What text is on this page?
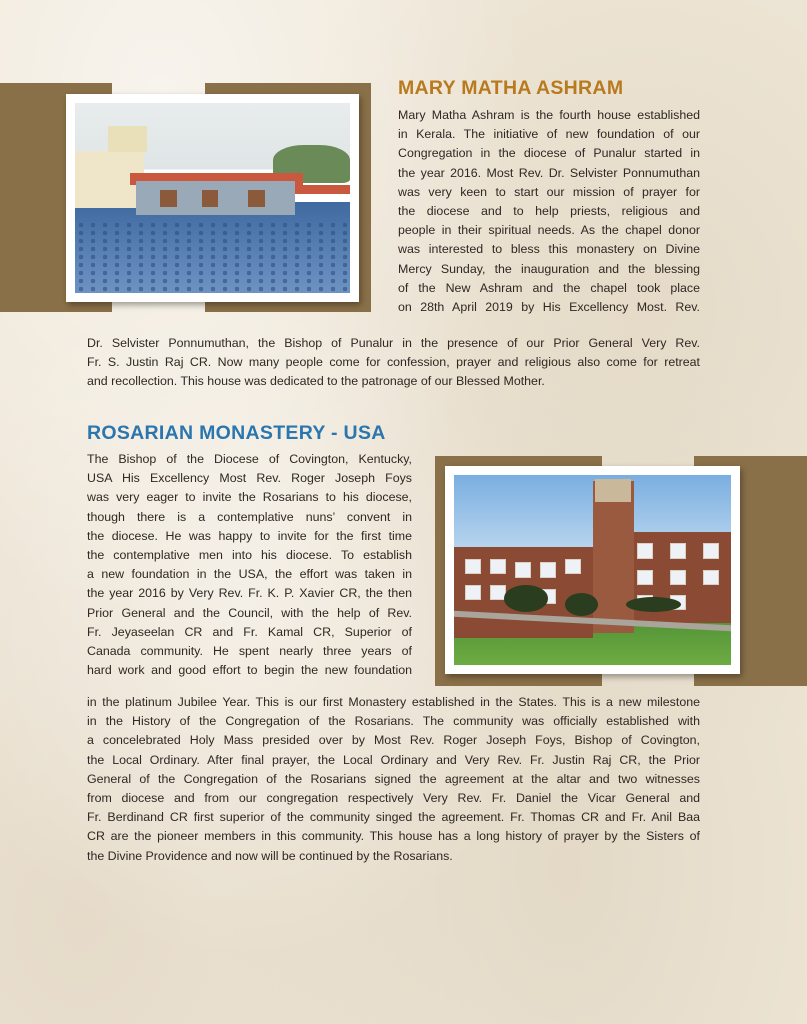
MARY MATHA ASHRAM
Mary Matha Ashram is the fourth house established
in Kerala. The initiative of new foundation of our
Congregation in the diocese of Punalur started in
the year 2016. Most Rev. Dr. Selvister Ponnumuthan
was very keen to start our mission of prayer for
the diocese and to help priests, religious and
people in their spiritual needs. As the chapel donor
was interested to bless this monastery on Divine
Mercy Sunday, the inauguration and the blessing
of the New Ashram and the chapel took place
on 28th April 2019 by His Excellency Most. Rev.
Dr. Selvister Ponnumuthan, the Bishop of Punalur in the presence of our Prior General Very Rev.
Fr. S. Justin Raj CR. Now many people come for confession, prayer and religious also come for retreat
and recollection. This house was dedicated to the patronage of our Blessed Mother.
ROSARIAN MONASTERY - USA
The Bishop of the Diocese of Covington, Kentucky,
USA His Excellency Most Rev. Roger Joseph Foys
was very eager to invite the Rosarians to his diocese,
though there is a contemplative nuns’ convent in
the diocese. He was happy to invite for the first time
the contemplative men into his diocese. To establish
a new foundation in the USA, the effort was taken in
the year 2016 by Very Rev. Fr. K. P. Xavier CR, the then
Prior General and the Council, with the help of Rev.
Fr. Jeyaseelan CR and Fr. Kamal CR, Superior of
Canada community. He spent nearly three years of
hard work and good effort to begin the new foundation
in the platinum Jubilee Year. This is our first Monastery established in the States. This is a new milestone
in the History of the Congregation of the Rosarians. The community was officially established with
a concelebrated Holy Mass presided over by Most Rev. Roger Joseph Foys, Bishop of Covington,
the Local Ordinary. After final prayer, the Local Ordinary and Very Rev. Fr. Justin Raj CR, the Prior
General of the Congregation of the Rosarians signed the agreement at the altar and two witnesses
from diocese and from our congregation respectively Very Rev. Fr. Daniel the Vicar General and
Fr. Berdinand CR first superior of the community singed the agreement. Fr. Thomas CR and Fr. Anil Baa
CR are the pioneer members in this community. This house has a long history of prayer by the Sisters of
the Divine Providence and now will be continued by the Rosarians.
